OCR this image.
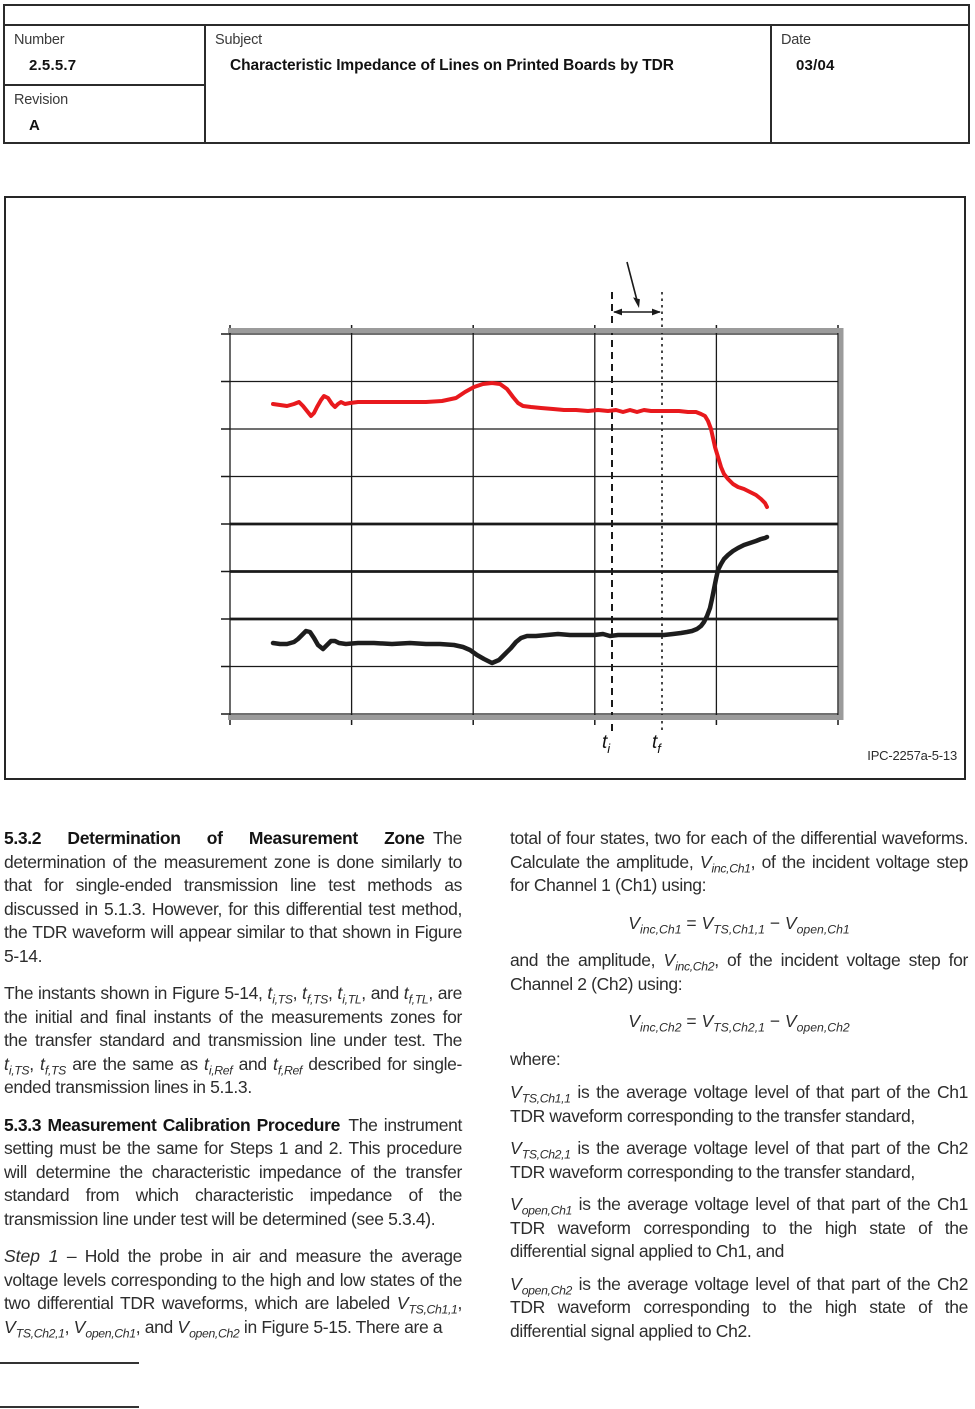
Number
2.5.5.7
Revision
A
Subject
Characteristic Impedance of Lines on Printed Boards by TDR
Date
03/04
$t_i$ $t_f$	IPC-2257a-5-13

5.3.2 Determination of Measurement Zone The determination of the measurement zone is done similarly to that for single-ended transmission line test methods as discussed in 5.1.3. However, for this differential test method, the TDR waveform will appear similar to that shown in Figure 5-14.

The instants shown in Figure 5-14, $t_{i,TS}$, $t_{f,TS}$, $t_{i,TL}$, and $t_{f,TL}$, are the initial and final instants of the measurements zones for the transfer standard and transmission line under test. The $t_{i,TS}$, $t_{f,TS}$ are the same as $t_{i,Ref}$ and $t_{f,Ref}$ described for single-ended transmission lines in 5.1.3.

5.3.3 Measurement Calibration Procedure The instrument setting must be the same for Steps 1 and 2. This procedure will determine the characteristic impedance of the transfer standard from which characteristic impedance of the transmission line under test will be determined (see 5.3.4).

Step 1 – Hold the probe in air and measure the average voltage levels corresponding to the high and low states of the two differential TDR waveforms, which are labeled $V_{TS,Ch1,1}$, $V_{TS,Ch2,1}$, $V_{open,Ch1}$, and $V_{open,Ch2}$ in Figure 5-15. There are a

total of four states, two for each of the differential waveforms. Calculate the amplitude, $V_{inc,Ch1}$, of the incident voltage step for Channel 1 (Ch1) using:

$V_{inc,Ch1} = V_{TS,Ch1,1} - V_{open,Ch1}$

and the amplitude, $V_{inc,Ch2}$, of the incident voltage step for Channel 2 (Ch2) using:

$V_{inc,Ch2} = V_{TS,Ch2,1} - V_{open,Ch2}$

where:

$V_{TS,Ch1,1}$ is the average voltage level of that part of the Ch1 TDR waveform corresponding to the transfer standard,

$V_{TS,Ch2,1}$ is the average voltage level of that part of the Ch2 TDR waveform corresponding to the transfer standard,

$V_{open,Ch1}$ is the average voltage level of that part of the Ch1 TDR waveform corresponding to the high state of the differential signal applied to Ch1, and

$V_{open,Ch2}$ is the average voltage level of that part of the Ch2 TDR waveform corresponding to the high state of the differential signal applied to Ch2.
